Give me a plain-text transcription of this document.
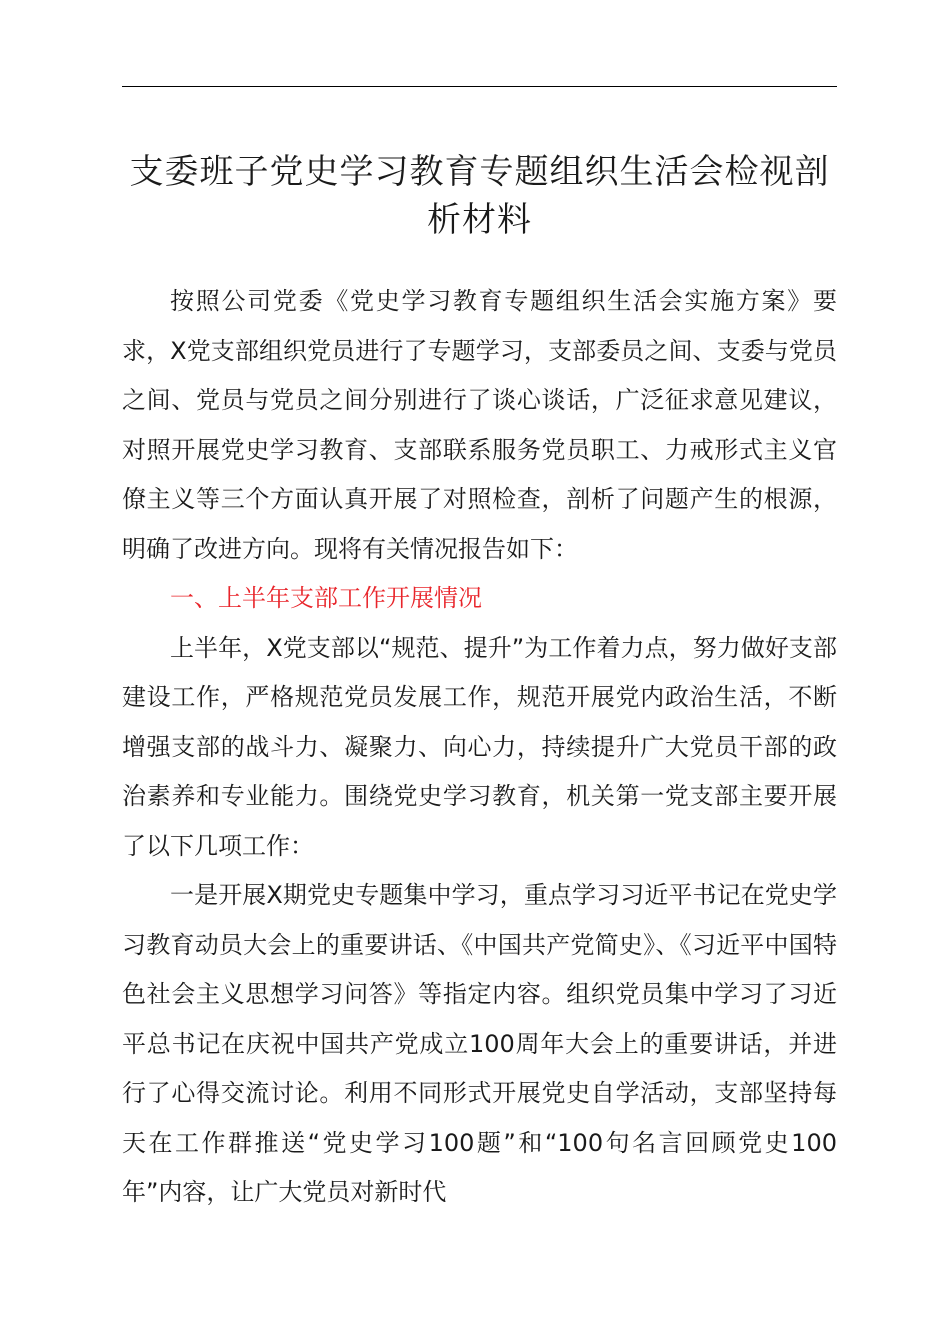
支委班子党史学习教育专题组织生活会检视剖析材料

按照公司党委《党史学习教育专题组织生活会实施方案》要求，X党支部组织党员进行了专题学习，支部委员之间、支委与党员之间、党员与党员之间分别进行了谈心谈话，广泛征求意见建议，对照开展党史学习教育、支部联系服务党员职工、力戒形式主义官僚主义等三个方面认真开展了对照检查，剖析了问题产生的根源，明确了改进方向。现将有关情况报告如下：

一、上半年支部工作开展情况

上半年，X党支部以“规范、提升”为工作着力点，努力做好支部建设工作，严格规范党员发展工作，规范开展党内政治生活，不断增强支部的战斗力、凝聚力、向心力，持续提升广大党员干部的政治素养和专业能力。围绕党史学习教育，机关第一党支部主要开展了以下几项工作：

一是开展X期党史专题集中学习，重点学习习近平书记在党史学习教育动员大会上的重要讲话、《中国共产党简史》、《习近平中国特色社会主义思想学习问答》等指定内容。组织党员集中学习了习近平总书记在庆祝中国共产党成立100周年大会上的重要讲话，并进行了心得交流讨论。利用不同形式开展党史自学活动，支部坚持每天在工作群推送“党史学习100题”和“100句名言回顾党史100年”内容，让广大党员对新时代
